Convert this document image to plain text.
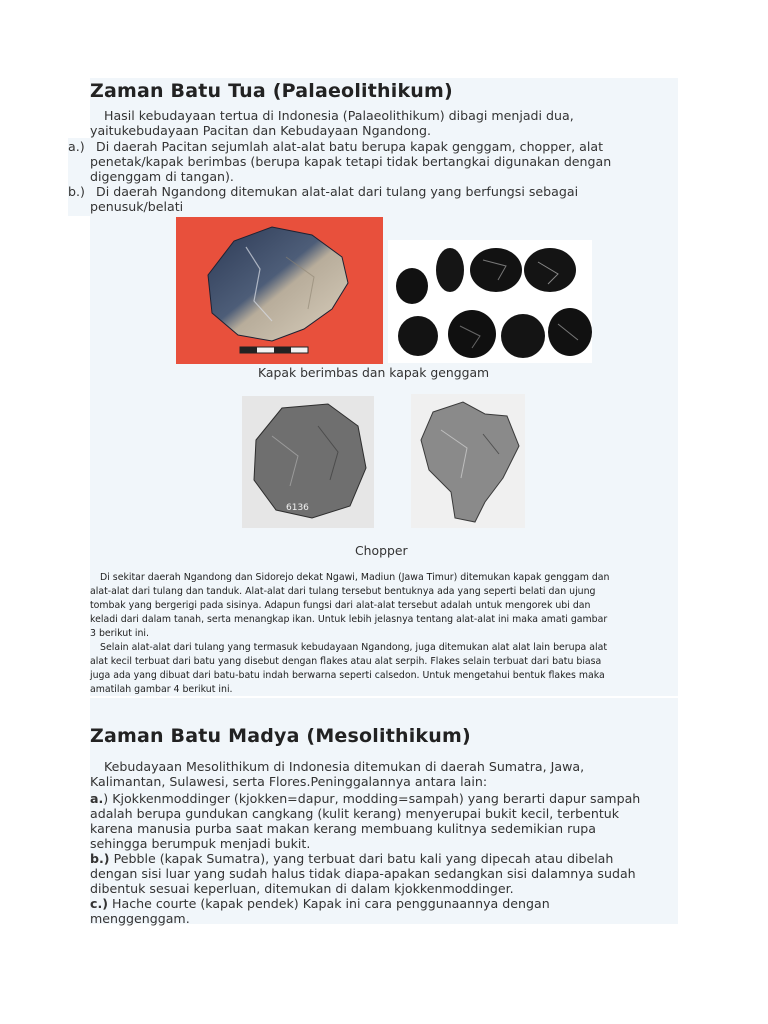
Zaman Batu Tua (Palaeolithikum)
Hasil kebudayaan tertua di Indonesia (Palaeolithikum) dibagi menjadi dua,
yaitukebudayaan Pacitan dan Kebudayaan Ngandong.
a.) Di daerah Pacitan sejumlah alat-alat batu berupa kapak genggam, chopper, alat
penetak/kapak berimbas (berupa kapak tetapi tidak bertangkai digunakan dengan
digenggam di tangan).
b.) Di daerah Ngandong ditemukan alat-alat dari tulang yang berfungsi sebagai
penusuk/belati
Kapak berimbas dan kapak genggam
6136
Chopper
Di sekitar daerah Ngandong dan Sidorejo dekat Ngawi, Madiun (Jawa Timur) ditemukan kapak genggam dan
alat-alat dari tulang dan tanduk. Alat-alat dari tulang tersebut bentuknya ada yang seperti belati dan ujung
tombak yang bergerigi pada sisinya. Adapun fungsi dari alat-alat tersebut adalah untuk mengorek ubi dan
keladi dari dalam tanah, serta menangkap ikan. Untuk lebih jelasnya tentang alat-alat ini maka amati gambar
3 berikut ini.
Selain alat-alat dari tulang yang termasuk kebudayaan Ngandong, juga ditemukan alat alat lain berupa alat
alat kecil terbuat dari batu yang disebut dengan flakes atau alat serpih. Flakes selain terbuat dari batu biasa
juga ada yang dibuat dari batu-batu indah berwarna seperti calsedon. Untuk mengetahui bentuk flakes maka
amatilah gambar 4 berikut ini.
Zaman Batu Madya (Mesolithikum)
Kebudayaan Mesolithikum di Indonesia ditemukan di daerah Sumatra, Jawa,
Kalimantan, Sulawesi, serta Flores.Peninggalannya antara lain:
a.) Kjokkenmoddinger (kjokken=dapur, modding=sampah) yang berarti dapur sampah
adalah berupa gundukan cangkang (kulit kerang) menyerupai bukit kecil, terbentuk
karena manusia purba saat makan kerang membuang kulitnya sedemikian rupa
sehingga berumpuk menjadi bukit.
b.) Pebble (kapak Sumatra), yang terbuat dari batu kali yang dipecah atau dibelah
dengan sisi luar yang sudah halus tidak diapa-apakan sedangkan sisi dalamnya sudah
dibentuk sesuai keperluan, ditemukan di dalam kjokkenmoddinger.
c.) Hache courte (kapak pendek) Kapak ini cara penggunaannya dengan
menggenggam.
